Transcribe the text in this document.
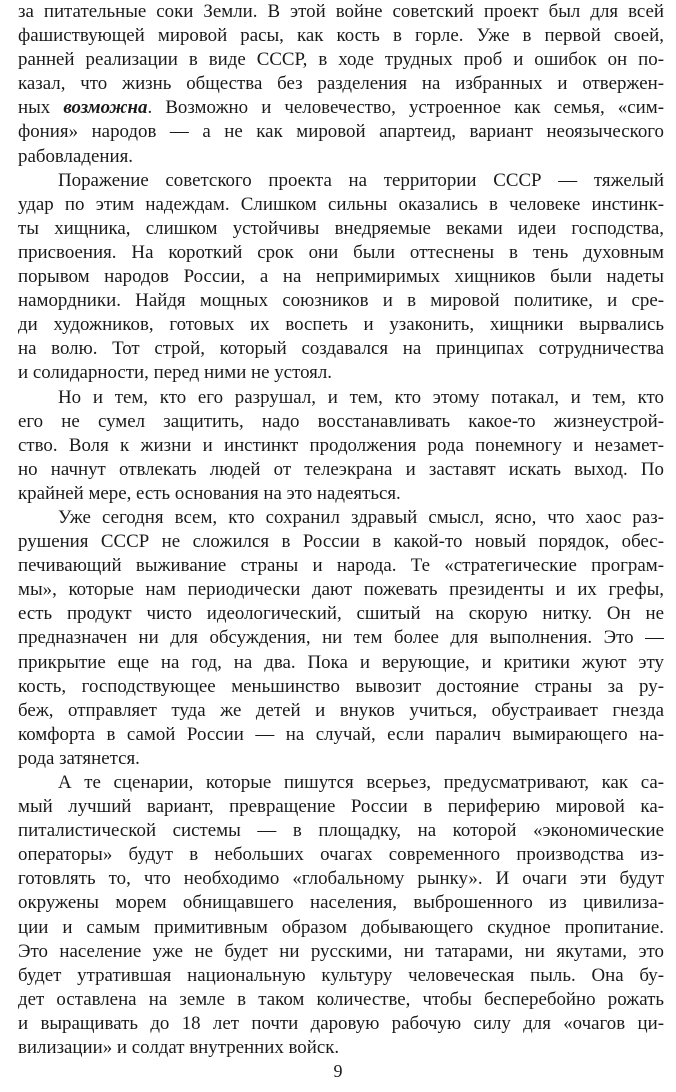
за питательные соки Земли. В этой войне советский проект был для всей
фашиствующей мировой расы, как кость в горле. Уже в первой своей,
ранней реализации в виде СССР, в ходе трудных проб и ошибок он по-
казал, что жизнь общества без разделения на избранных и отвержен-
ных возможна. Возможно и человечество, устроенное как семья, «сим-
фония» народов — а не как мировой апартеид, вариант неоязыческого
рабовладения.
Поражение советского проекта на территории СССР — тяжелый
удар по этим надеждам. Слишком сильны оказались в человеке инстинк-
ты хищника, слишком устойчивы внедряемые веками идеи господства,
присвоения. На короткий срок они были оттеснены в тень духовным
порывом народов России, а на непримиримых хищников были надеты
намордники. Найдя мощных союзников и в мировой политике, и сре-
ди художников, готовых их воспеть и узаконить, хищники вырвались
на волю. Тот строй, который создавался на принципах сотрудничества
и солидарности, перед ними не устоял.
Но и тем, кто его разрушал, и тем, кто этому потакал, и тем, кто
его не сумел защитить, надо восстанавливать какое-то жизнеустрой-
ство. Воля к жизни и инстинкт продолжения рода понемногу и незамет-
но начнут отвлекать людей от телеэкрана и заставят искать выход. По
крайней мере, есть основания на это надеяться.
Уже сегодня всем, кто сохранил здравый смысл, ясно, что хаос раз-
рушения СССР не сложился в России в какой-то новый порядок, обес-
печивающий выживание страны и народа. Те «стратегические програм-
мы», которые нам периодически дают пожевать президенты и их грефы,
есть продукт чисто идеологический, сшитый на скорую нитку. Он не
предназначен ни для обсуждения, ни тем более для выполнения. Это —
прикрытие еще на год, на два. Пока и верующие, и критики жуют эту
кость, господствующее меньшинство вывозит достояние страны за ру-
беж, отправляет туда же детей и внуков учиться, обустраивает гнезда
комфорта в самой России — на случай, если паралич вымирающего на-
рода затянется.
А те сценарии, которые пишутся всерьез, предусматривают, как са-
мый лучший вариант, превращение России в периферию мировой ка-
питалистической системы — в площадку, на которой «экономические
операторы» будут в небольших очагах современного производства из-
готовлять то, что необходимо «глобальному рынку». И очаги эти будут
окружены морем обнищавшего населения, выброшенного из цивилиза-
ции и самым примитивным образом добывающего скудное пропитание.
Это население уже не будет ни русскими, ни татарами, ни якутами, это
будет утратившая национальную культуру человеческая пыль. Она бу-
дет оставлена на земле в таком количестве, чтобы бесперебойно рожать
и выращивать до 18 лет почти даровую рабочую силу для «очагов ци-
вилизации» и солдат внутренних войск.
9
